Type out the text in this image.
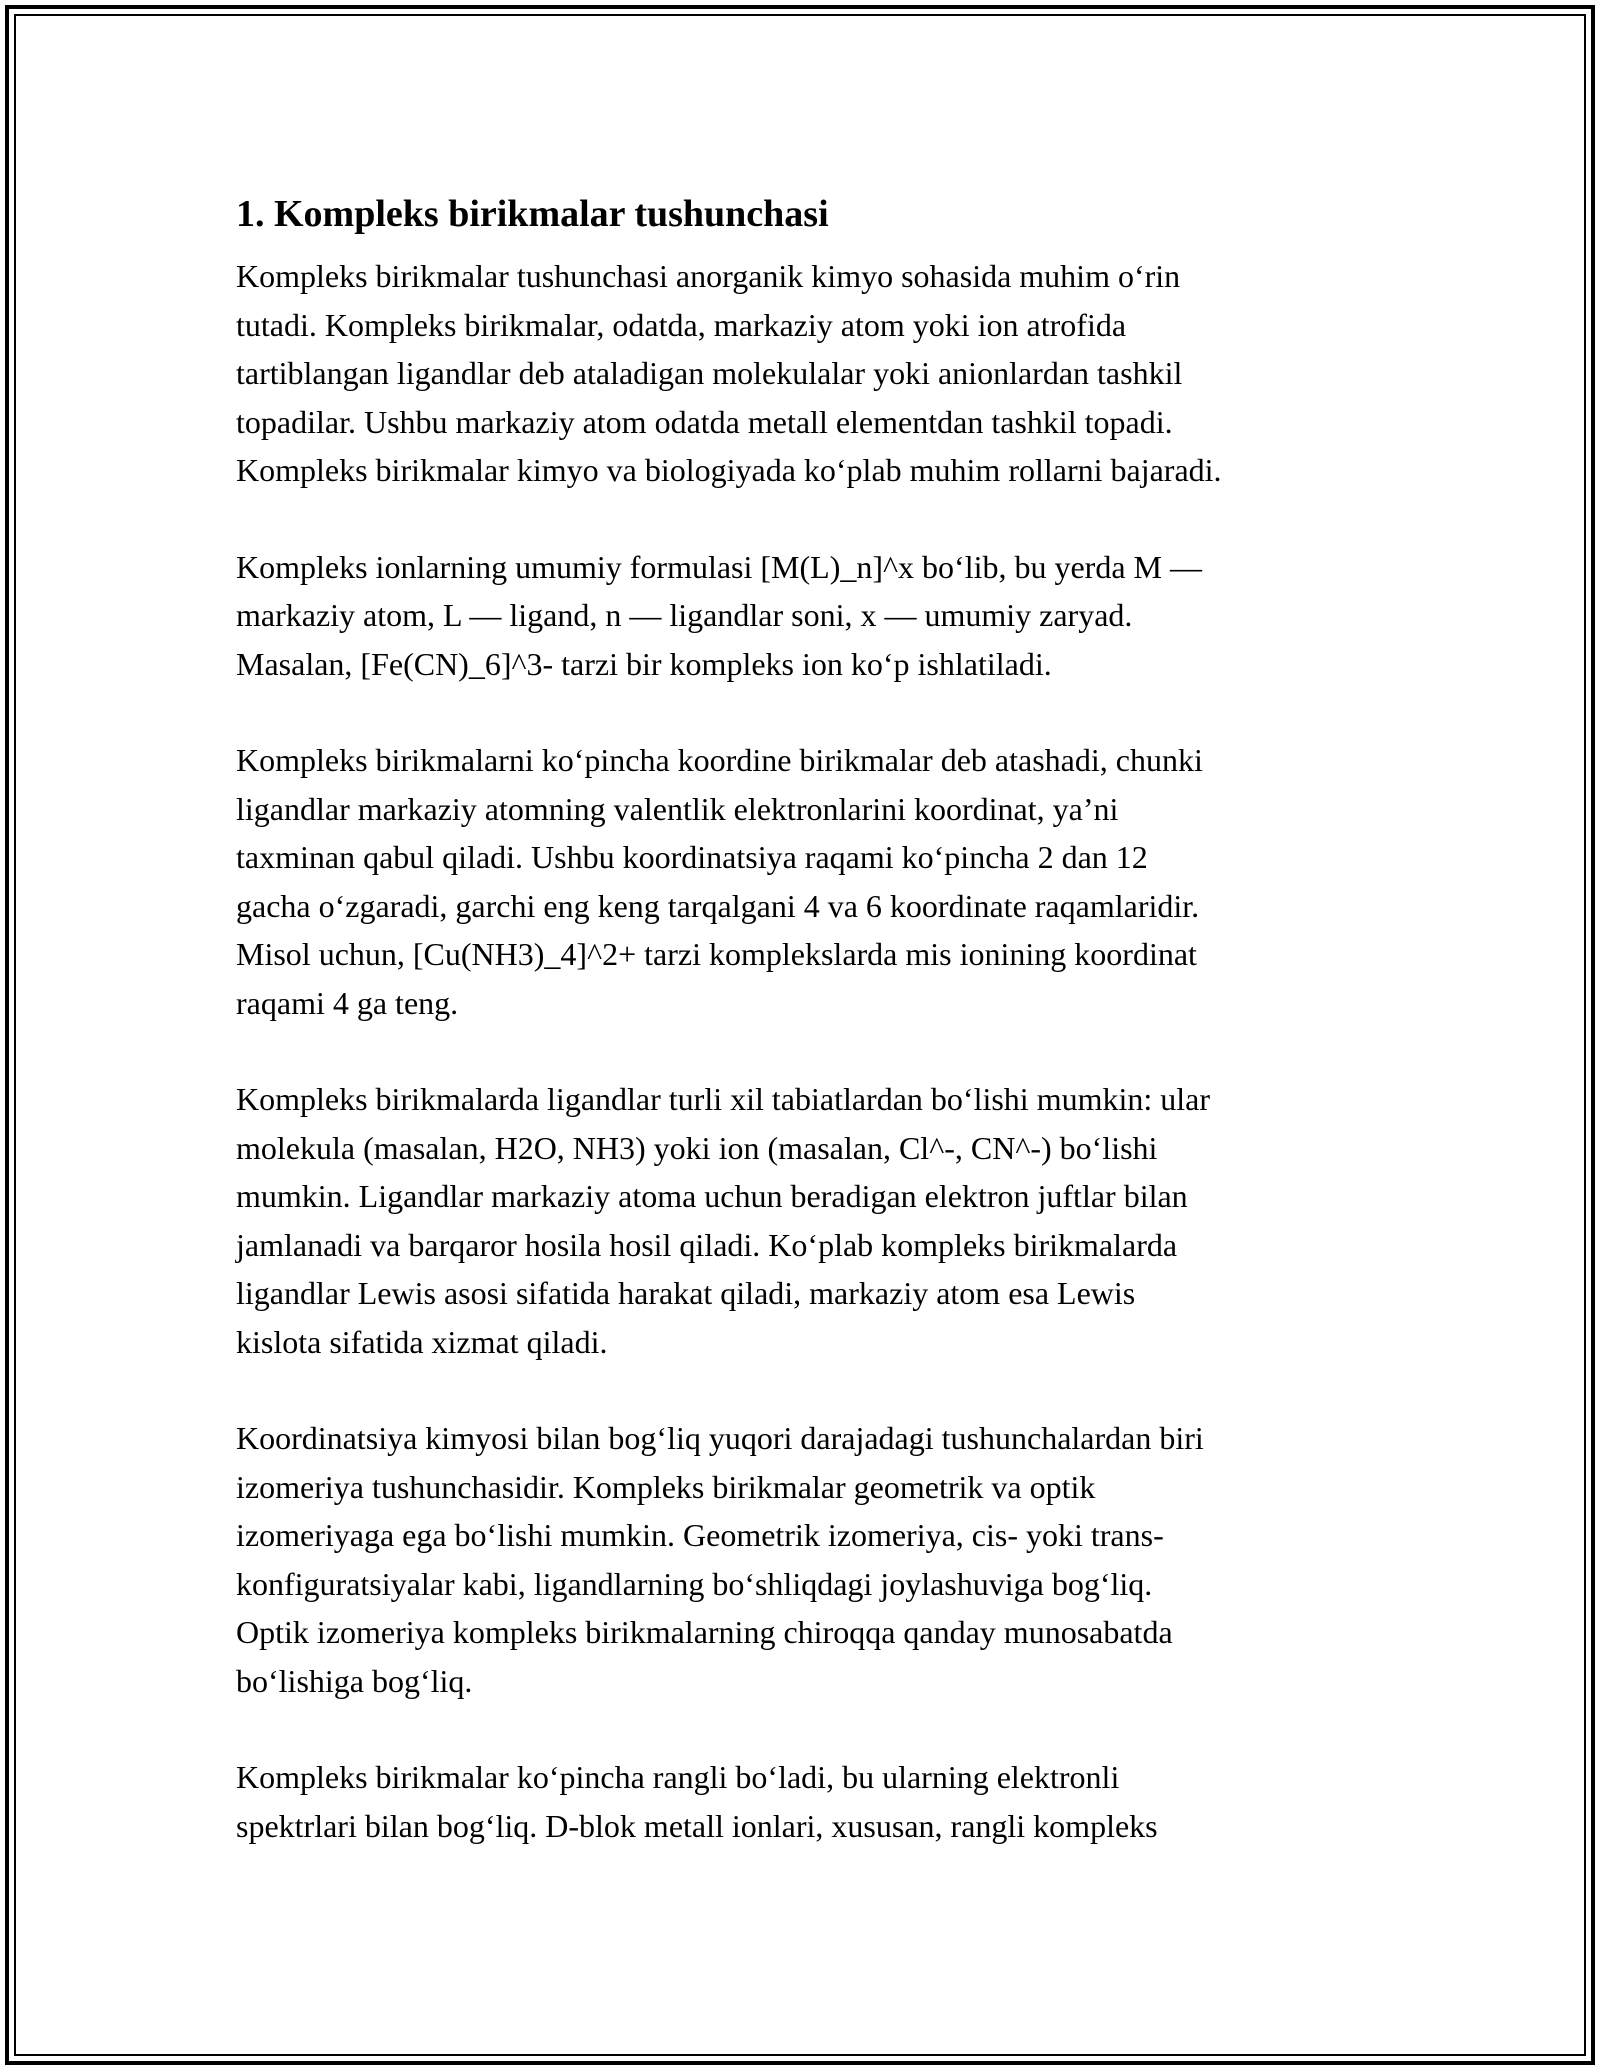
1. Kompleks birikmalar tushunchasi

Kompleks birikmalar tushunchasi anorganik kimyo sohasida muhim o‘rin
tutadi. Kompleks birikmalar, odatda, markaziy atom yoki ion atrofida
tartiblangan ligandlar deb ataladigan molekulalar yoki anionlardan tashkil
topadilar. Ushbu markaziy atom odatda metall elementdan tashkil topadi.
Kompleks birikmalar kimyo va biologiyada ko‘plab muhim rollarni bajaradi.

Kompleks ionlarning umumiy formulasi [M(L)_n]^x bo‘lib, bu yerda M —
markaziy atom, L — ligand, n — ligandlar soni, x — umumiy zaryad.
Masalan, [Fe(CN)_6]^3- tarzi bir kompleks ion ko‘p ishlatiladi.

Kompleks birikmalarni ko‘pincha koordine birikmalar deb atashadi, chunki
ligandlar markaziy atomning valentlik elektronlarini koordinat, ya’ni
taxminan qabul qiladi. Ushbu koordinatsiya raqami ko‘pincha 2 dan 12
gacha o‘zgaradi, garchi eng keng tarqalgani 4 va 6 koordinate raqamlaridir.
Misol uchun, [Cu(NH3)_4]^2+ tarzi komplekslarda mis ionining koordinat
raqami 4 ga teng.

Kompleks birikmalarda ligandlar turli xil tabiatlardan bo‘lishi mumkin: ular
molekula (masalan, H2O, NH3) yoki ion (masalan, Cl^-, CN^-) bo‘lishi
mumkin. Ligandlar markaziy atoma uchun beradigan elektron juftlar bilan
jamlanadi va barqaror hosila hosil qiladi. Ko‘plab kompleks birikmalarda
ligandlar Lewis asosi sifatida harakat qiladi, markaziy atom esa Lewis
kislota sifatida xizmat qiladi.

Koordinatsiya kimyosi bilan bog‘liq yuqori darajadagi tushunchalardan biri
izomeriya tushunchasidir. Kompleks birikmalar geometrik va optik
izomeriyaga ega bo‘lishi mumkin. Geometrik izomeriya, cis- yoki trans-
konfiguratsiyalar kabi, ligandlarning bo‘shliqdagi joylashuviga bog‘liq.
Optik izomeriya kompleks birikmalarning chiroqqa qanday munosabatda
bo‘lishiga bog‘liq.

Kompleks birikmalar ko‘pincha rangli bo‘ladi, bu ularning elektronli
spektrlari bilan bog‘liq. D-blok metall ionlari, xususan, rangli kompleks
